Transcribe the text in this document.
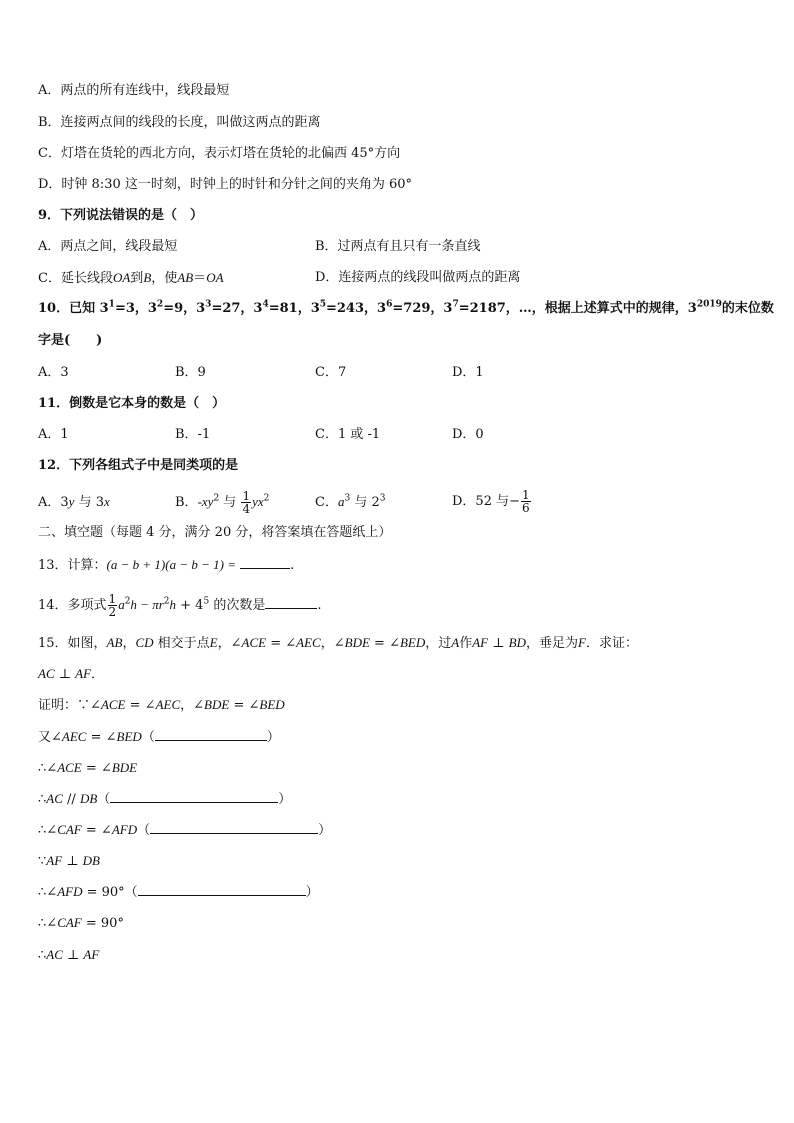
A．两点的所有连线中，线段最短
B．连接两点间的线段的长度，叫做这两点的距离
C．灯塔在货轮的西北方向，表示灯塔在货轮的北偏西 45°方向
D．时钟 8:30 这一时刻，时钟上的时针和分针之间的夹角为 60°
9．下列说法错误的是（　）
A．两点之间，线段最短	B．过两点有且只有一条直线
C．延长线段OA到B，使AB＝OA	D．连接两点的线段叫做两点的距离
10．已知 $3^1=3$，$3^2=9$，$3^3=27$，$3^4=81$，$3^5=243$，$3^6=729$，$3^7=2187$，…，根据上述算式中的规律，$3^{2019}$的末位数
字是(　　)
A．3	B．9	C．7	D．1
11．倒数是它本身的数是（　）
A．1	B．-1	C．1 或 -1	D．0
12．下列各组式子中是同类项的是
A．3y 与 3x	B．$-xy^2$ 与 $\frac{1}{4} yx^2$	C．$a^3$ 与 $2^3$	D．52 与− $\frac{1}{6}$
二、填空题（每题 4 分，满分 20 分，将答案填在答题纸上）
13．计算：(a − b + 1)(a − b − 1) =	.
14．多项式 $\frac{1}{2} a^2h - \pi r^2h + 4^5$ 的次数是	.
15．如图，AB，CD 相交于点E，∠ACE = ∠AEC，∠BDE = ∠BED，过A作AF ⊥ BD，垂足为F．求证：
AC ⊥ AF．
证明：∵∠ACE = ∠AEC，∠BDE = ∠BED
又∠AEC = ∠BED（	）
∴∠ACE = ∠BDE
∴AC // DB（	）
∴∠CAF = ∠AFD（	）
∵AF ⊥ DB
∴∠AFD = 90°（	）
∴∠CAF = 90°
∴AC ⊥ AF
